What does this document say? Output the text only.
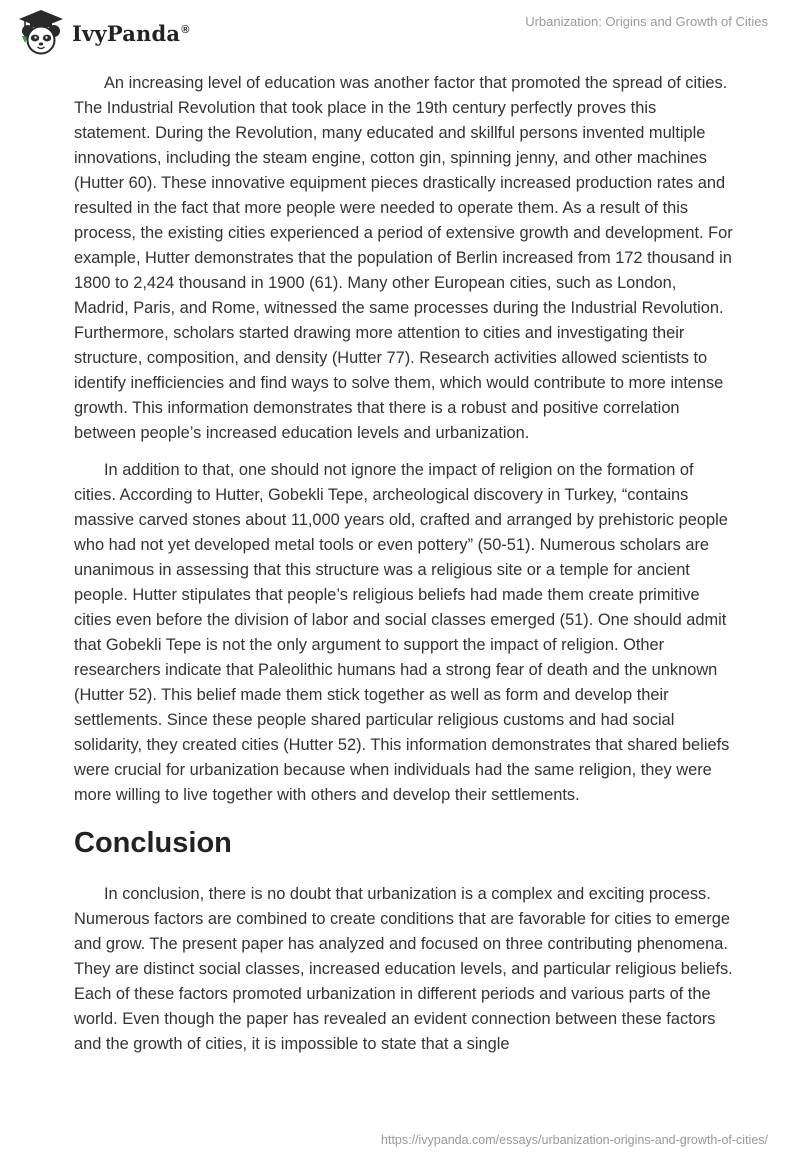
IvyPanda®
Urbanization: Origins and Growth of Cities

An increasing level of education was another factor that promoted the spread of cities. The Industrial Revolution that took place in the 19th century perfectly proves this statement. During the Revolution, many educated and skillful persons invented multiple innovations, including the steam engine, cotton gin, spinning jenny, and other machines (Hutter 60). These innovative equipment pieces drastically increased production rates and resulted in the fact that more people were needed to operate them. As a result of this process, the existing cities experienced a period of extensive growth and development. For example, Hutter demonstrates that the population of Berlin increased from 172 thousand in 1800 to 2,424 thousand in 1900 (61). Many other European cities, such as London, Madrid, Paris, and Rome, witnessed the same processes during the Industrial Revolution. Furthermore, scholars started drawing more attention to cities and investigating their structure, composition, and density (Hutter 77). Research activities allowed scientists to identify inefficiencies and find ways to solve them, which would contribute to more intense growth. This information demonstrates that there is a robust and positive correlation between people’s increased education levels and urbanization.

In addition to that, one should not ignore the impact of religion on the formation of cities. According to Hutter, Gobekli Tepe, archeological discovery in Turkey, “contains massive carved stones about 11,000 years old, crafted and arranged by prehistoric people who had not yet developed metal tools or even pottery” (50-51). Numerous scholars are unanimous in assessing that this structure was a religious site or a temple for ancient people. Hutter stipulates that people’s religious beliefs had made them create primitive cities even before the division of labor and social classes emerged (51). One should admit that Gobekli Tepe is not the only argument to support the impact of religion. Other researchers indicate that Paleolithic humans had a strong fear of death and the unknown (Hutter 52). This belief made them stick together as well as form and develop their settlements. Since these people shared particular religious customs and had social solidarity, they created cities (Hutter 52). This information demonstrates that shared beliefs were crucial for urbanization because when individuals had the same religion, they were more willing to live together with others and develop their settlements.

Conclusion

In conclusion, there is no doubt that urbanization is a complex and exciting process. Numerous factors are combined to create conditions that are favorable for cities to emerge and grow. The present paper has analyzed and focused on three contributing phenomena. They are distinct social classes, increased education levels, and particular religious beliefs. Each of these factors promoted urbanization in different periods and various parts of the world. Even though the paper has revealed an evident connection between these factors and the growth of cities, it is impossible to state that a single

https://ivypanda.com/essays/urbanization-origins-and-growth-of-cities/
